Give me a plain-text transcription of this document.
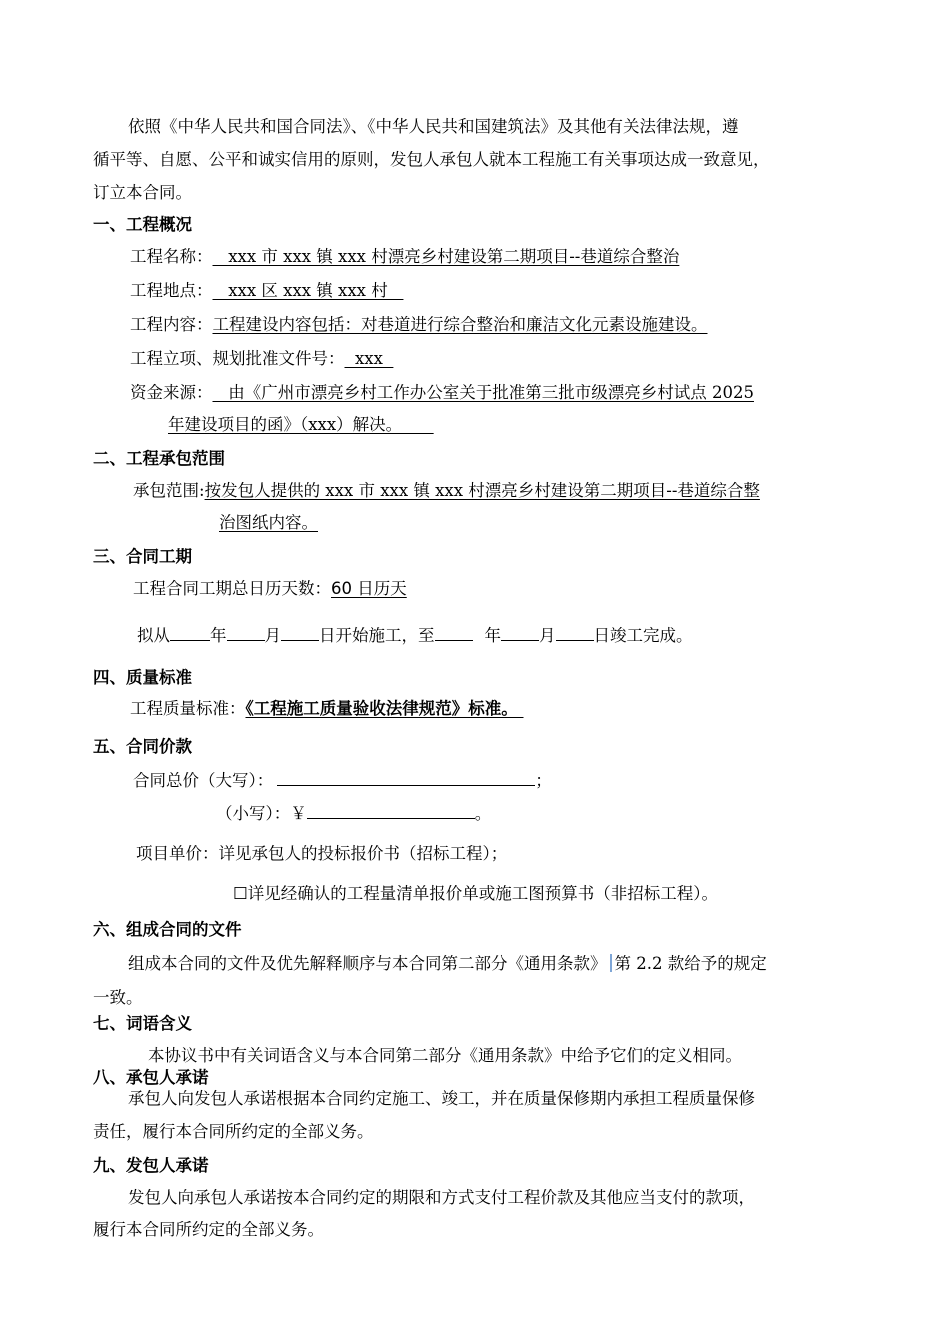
依照《中华人民共和国合同法》、《中华人民共和国建筑法》及其他有关法律法规，遵
循平等、自愿、公平和诚实信用的原则，发包人承包人就本工程施工有关事项达成一致意见，
订立本合同。
一、工程概况
工程名称：   xxx 市 xxx 镇 xxx 村漂亮乡村建设第二期项目--巷道综合整治
工程地点：   xxx 区 xxx 镇 xxx 村
工程内容：工程建设内容包括：对巷道进行综合整治和廉洁文化元素设施建设。
工程立项、规划批准文件号：  xxx
资金来源：   由《广州市漂亮乡村工作办公室关于批准第三批市级漂亮乡村试点 2025
年建设项目的函》（xxx）解决。
二、工程承包范围
承包范围:按发包人提供的 xxx 市 xxx 镇 xxx 村漂亮乡村建设第二期项目--巷道综合整
治图纸内容。
三、合同工期
工程合同工期总日历天数：60 日历天
拟从 年 月 日开始施工，至	年 月 日竣工完成。
四、质量标准
工程质量标准：《工程施工质量验收法律规范》标准。
五、合同价款
合同总价（大写）：	；
（小写）：￥	。
项目单价：详见承包人的投标报价书（招标工程）；
☐详见经确认的工程量清单报价单或施工图预算书（非招标工程）。
六、组成合同的文件
组成本合同的文件及优先解释顺序与本合同第二部分《通用条款》 第 2.2 款给予的规定
一致。
七、词语含义
本协议书中有关词语含义与本合同第二部分《通用条款》中给予它们的定义相同。
八、承包人承诺
承包人向发包人承诺根据本合同约定施工、竣工，并在质量保修期内承担工程质量保修
责任，履行本合同所约定的全部义务。
九、发包人承诺
发包人向承包人承诺按本合同约定的期限和方式支付工程价款及其他应当支付的款项，
履行本合同所约定的全部义务。
